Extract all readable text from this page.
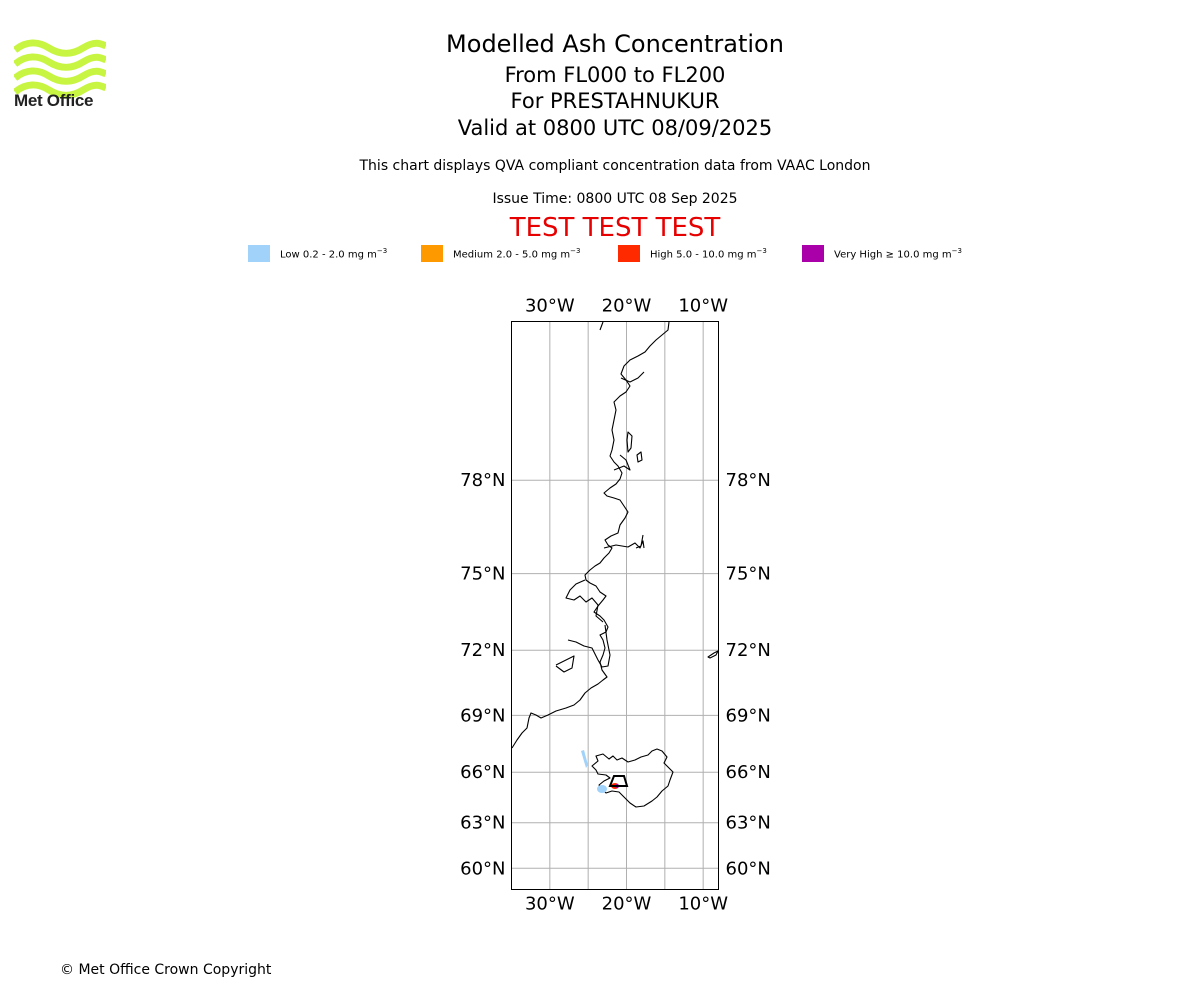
Met Office
Modelled Ash Concentration
From FL000 to FL200
For PRESTAHNUKUR
Valid at 0800 UTC 08/09/2025
This chart displays QVA compliant concentration data from VAAC London
Issue Time: 0800 UTC 08 Sep 2025
TEST TEST TEST
Low 0.2 - 2.0 mg $m^{-3}$	Medium 2.0 - 5.0 mg $m^{-3}$	High 5.0 - 10.0 mg $m^{-3}$	Very High ≥ 10.0 mg $m^{-3}$
60°N	60°N
63°N	63°N
66°N	66°N
69°N	69°N
72°N	72°N
75°N	75°N
78°N	78°N
30°W
30°W
20°W
20°W
10°W
10°W
© Met Office Crown Copyright
